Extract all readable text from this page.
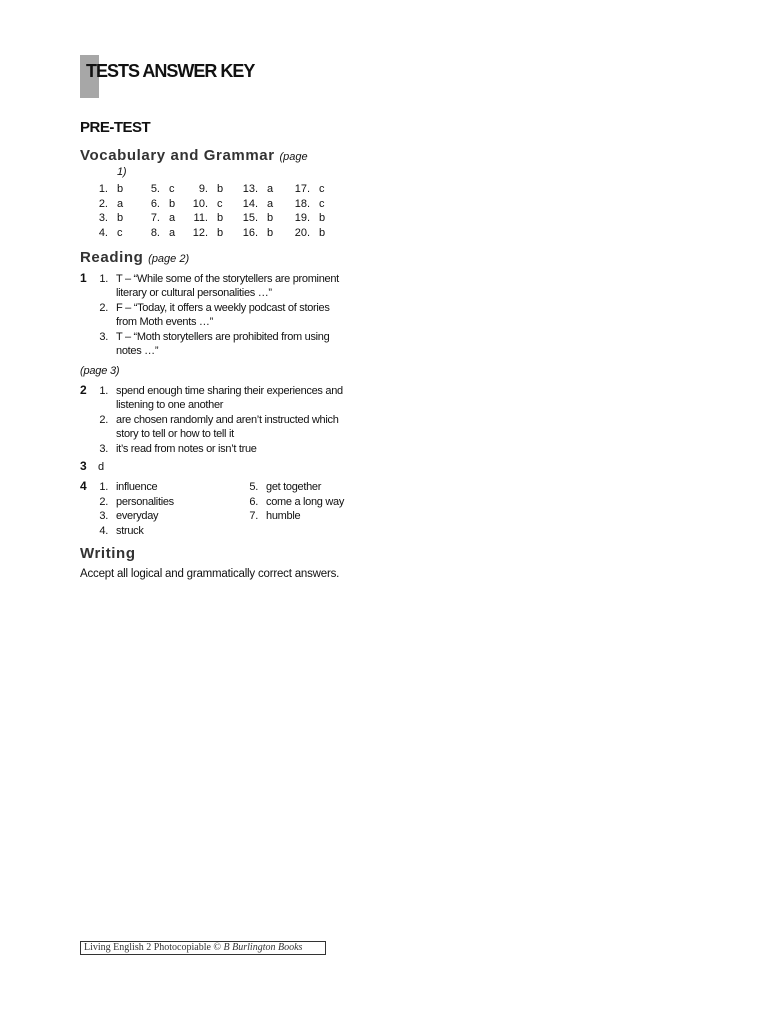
TESTS ANSWER KEY
PRE-TEST
Vocabulary and Grammar (page
1)
1. b
2. a
3. b
4. c
5. c
6. b
7. a
8. a
9. b
10. c
11. b
12. b
13. a
14. a
15. b
16. b
17. c
18. c
19. b
20. b
Reading (page 2)
1	1. T – “While some of the storytellers are prominent
literary or cultural personalities …”
2. F – “Today, it offers a weekly podcast of stories
from Moth events …”
3. T – “Moth storytellers are prohibited from using
notes …”
(page 3)
2	1. spend enough time sharing their experiences and
listening to one another
2. are chosen randomly and aren’t instructed which
story to tell or how to tell it
3. it’s read from notes or isn’t true
3 d
4	1. influence
2. personalities
3. everyday
4. struck
5. get together
6. come a long way
7. humble
Writing
Accept all logical and grammatically correct answers.
Living English 2 Photocopiable © B Burlington Books
